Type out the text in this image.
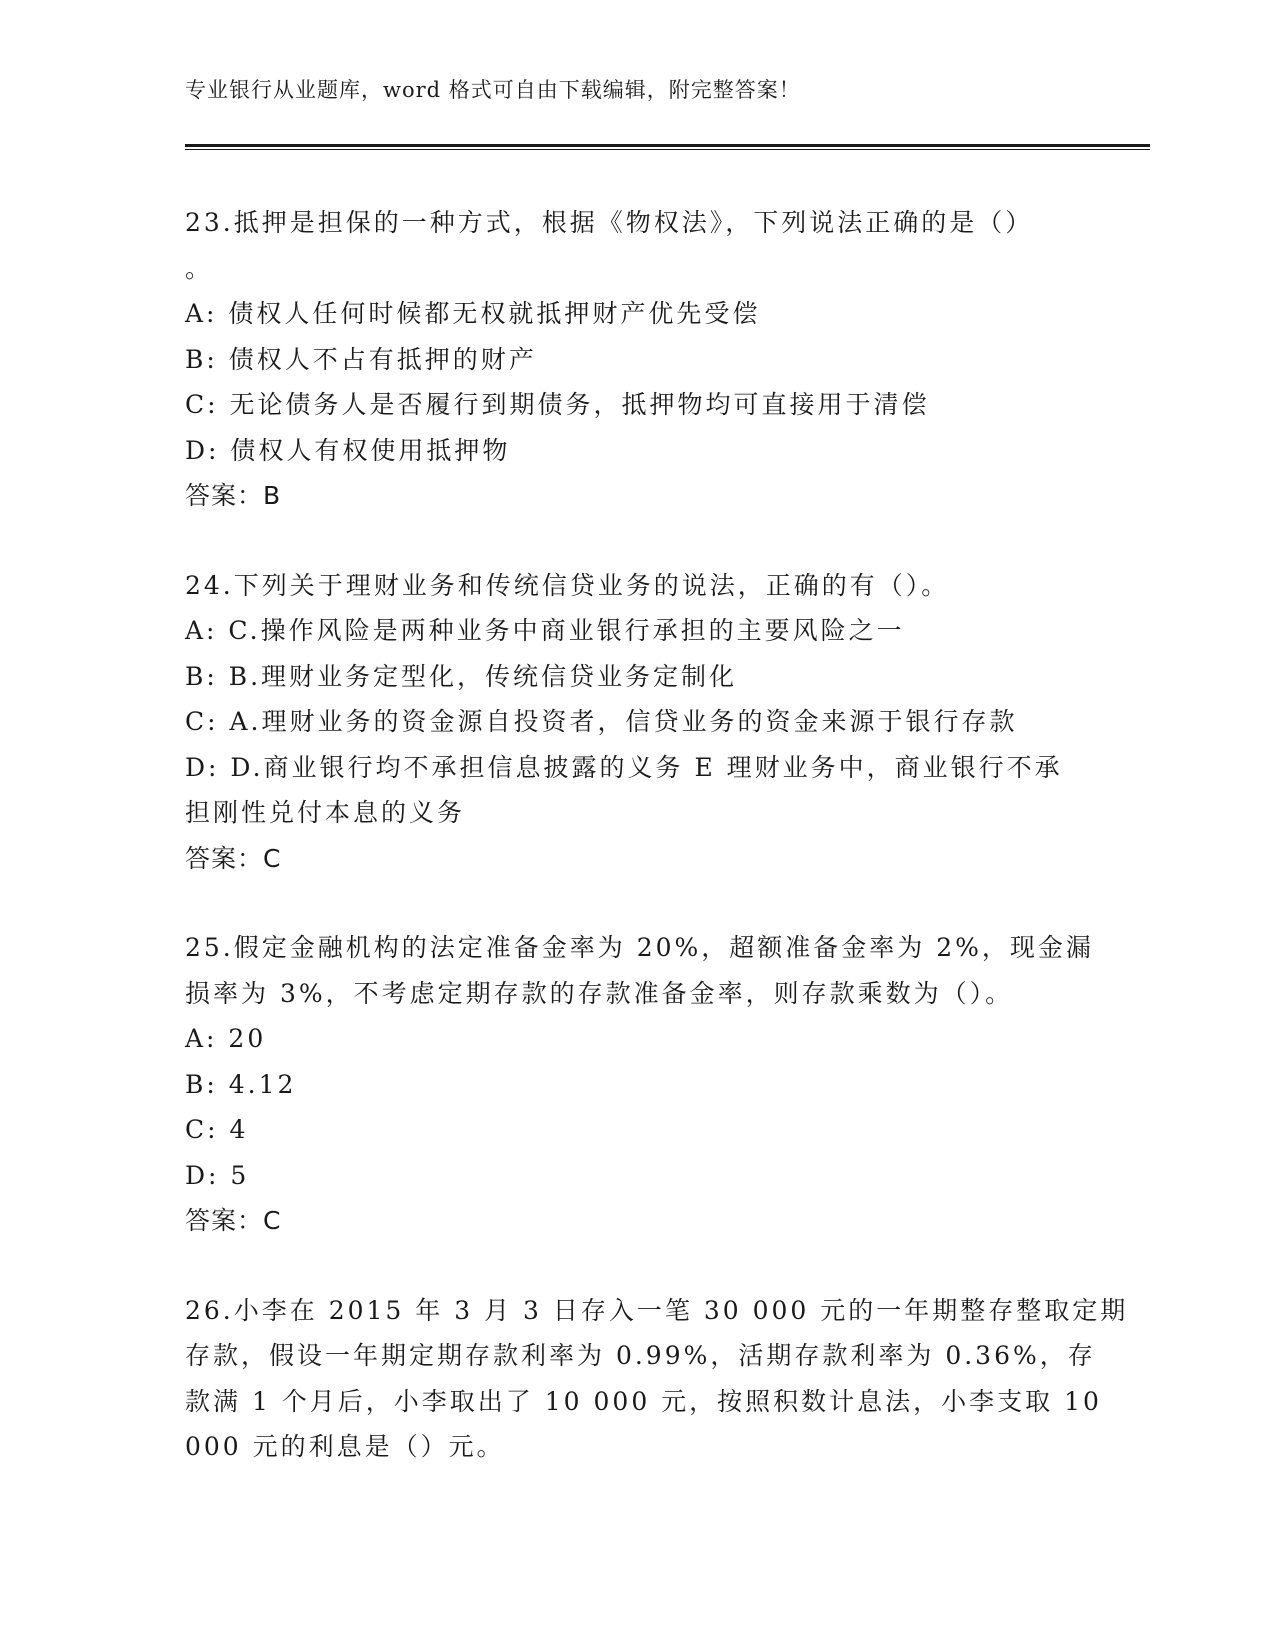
专业银行从业题库，word 格式可自由下载编辑，附完整答案！
23.抵押是担保的一种方式，根据《物权法》，下列说法正确的是（）
。
A: 债权人任何时候都无权就抵押财产优先受偿
B: 债权人不占有抵押的财产
C: 无论债务人是否履行到期债务，抵押物均可直接用于清偿
D: 债权人有权使用抵押物
答案：B
24.下列关于理财业务和传统信贷业务的说法，正确的有（）。
A: C.操作风险是两种业务中商业银行承担的主要风险之一
B: B.理财业务定型化，传统信贷业务定制化
C: A.理财业务的资金源自投资者，信贷业务的资金来源于银行存款
D: D.商业银行均不承担信息披露的义务 E 理财业务中，商业银行不承
担刚性兑付本息的义务
答案：C
25.假定金融机构的法定准备金率为 20%，超额准备金率为 2%，现金漏
损率为 3%，不考虑定期存款的存款准备金率，则存款乘数为（）。
A: 20
B: 4.12
C: 4
D: 5
答案：C
26.小李在 2015 年 3 月 3 日存入一笔 30 000 元的一年期整存整取定期
存款，假设一年期定期存款利率为 0.99%，活期存款利率为 0.36%，存
款满 1 个月后，小李取出了 10 000 元，按照积数计息法，小李支取 10
000 元的利息是（）元。
